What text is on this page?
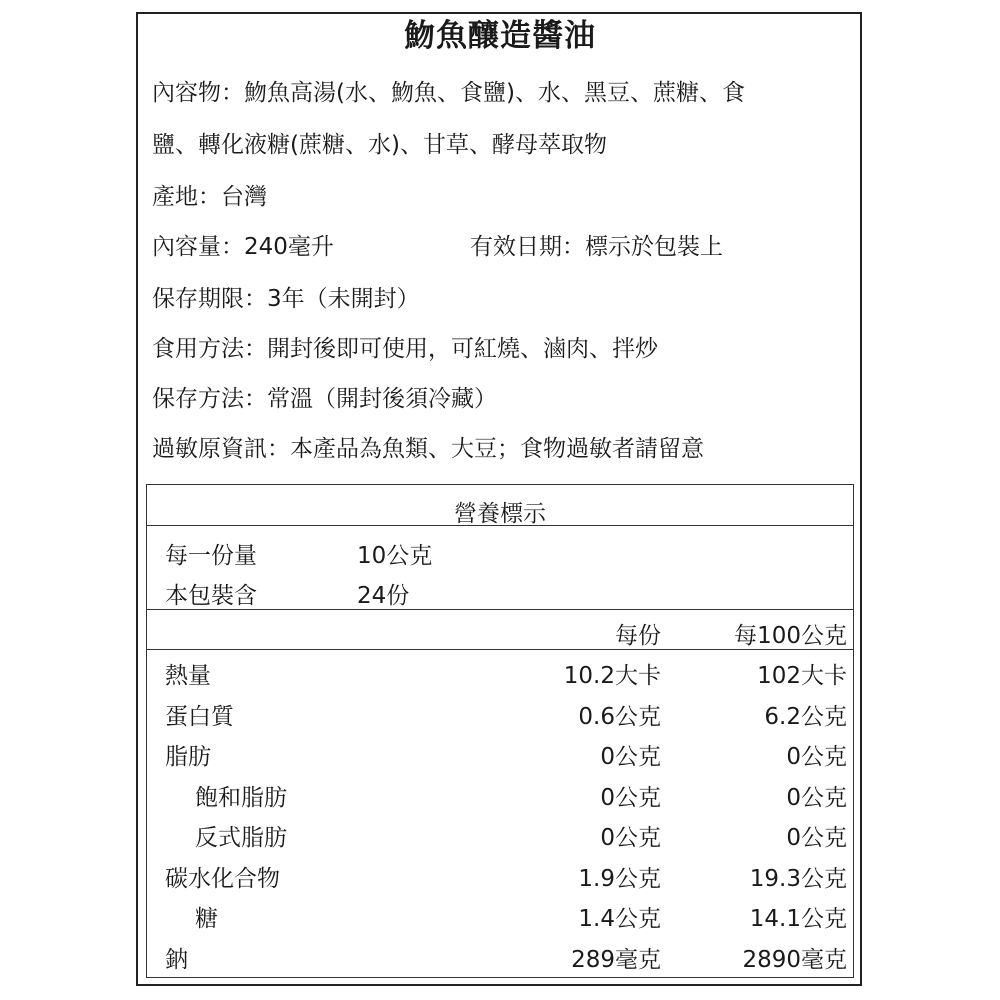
魩魚釀造醬油
內容物：魩魚高湯(水、魩魚、食鹽)、水、黑豆、蔗糖、食
鹽、轉化液糖(蔗糖、水)、甘草、酵母萃取物
產地：台灣
內容量：240毫升	有效日期：標示於包裝上
保存期限：3年（未開封）
食用方法：開封後即可使用，可紅燒、滷肉、拌炒
保存方法：常溫（開封後須冷藏）
過敏原資訊：本產品為魚類、大豆；食物過敏者請留意
營養標示
每一份量	10公克
本包裝含	24份
每份	每100公克
熱量	10.2大卡	102大卡
蛋白質	0.6公克	6.2公克
脂肪	0公克	0公克
飽和脂肪	0公克	0公克
反式脂肪	0公克	0公克
碳水化合物	1.9公克	19.3公克
糖	1.4公克	14.1公克
鈉	289毫克	2890毫克
